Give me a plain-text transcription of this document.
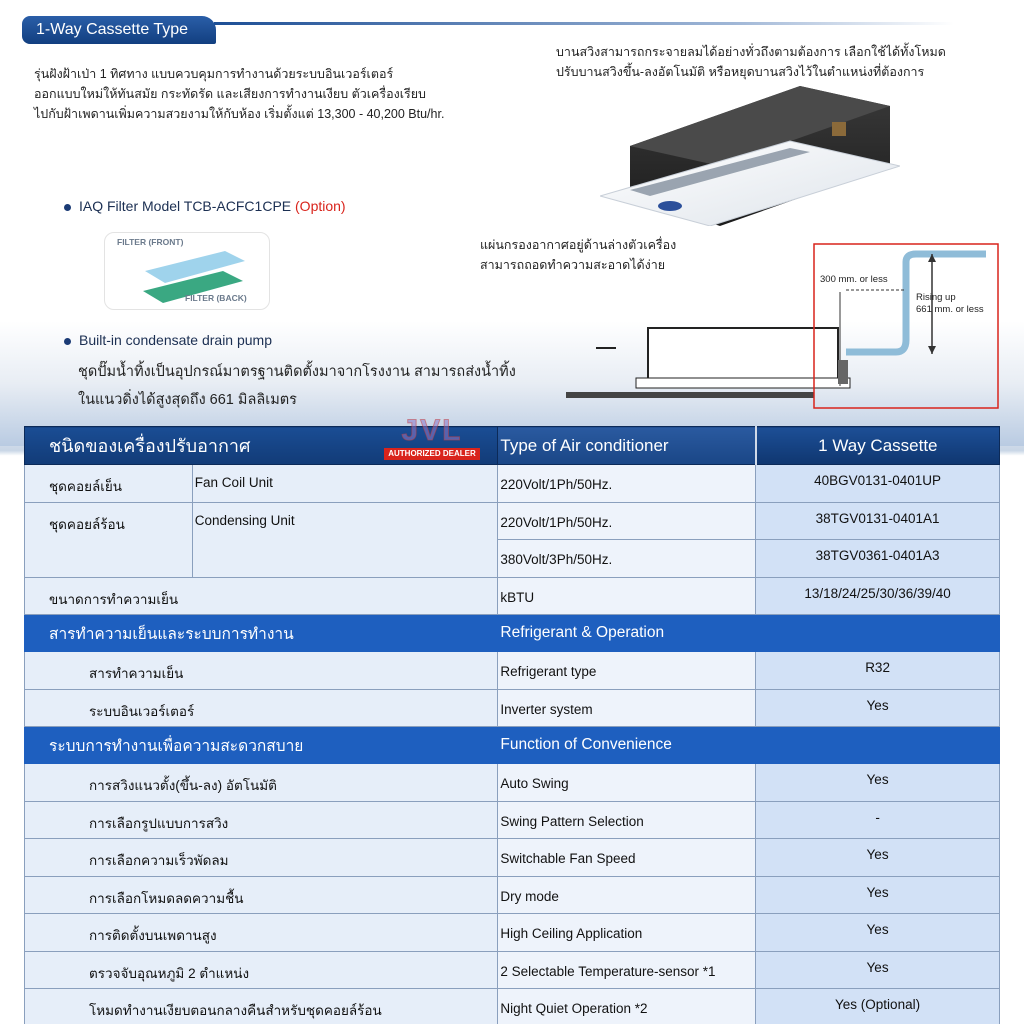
1-Way Cassette Type
รุ่นฝังฝ้าเป่า 1 ทิศทาง แบบควบคุมการทำงานด้วยระบบอินเวอร์เตอร์
ออกแบบใหม่ให้ทันสมัย กระทัดรัด และเสียงการทำงานเงียบ ตัวเครื่องเรียบ
ไปกับฝ้าเพดานเพิ่มความสวยงามให้กับห้อง เริ่มตั้งแต่ 13,300 - 40,200 Btu/hr.
บานสวิงสามารถกระจายลมได้อย่างทั่วถึงตามต้องการ เลือกใช้ได้ทั้งโหมด
ปรับบานสวิงขึ้น-ลงอัตโนมัติ หรือหยุดบานสวิงไว้ในตำแหน่งที่ต้องการ
IAQ Filter Model TCB-ACFC1CPE (Option)
FILTER (FRONT)
FILTER (BACK)
แผ่นกรองอากาศอยู่ด้านล่างตัวเครื่อง
สามารถถอดทำความสะอาดได้ง่าย
Built-in condensate drain pump
ชุดปั๊มน้ำทิ้งเป็นอุปกรณ์มาตรฐานติดตั้งมาจากโรงงาน สามารถส่งน้ำทิ้ง
ในแนวดิ่งได้สูงสุดถึง 661 มิลลิเมตร
300 mm. or less
Rising up
661 mm. or less
ชนิดของเครื่องปรับอากาศ		Type of Air conditioner	1 Way Cassette
ชุดคอยล์เย็น	Fan Coil Unit	220Volt/1Ph/50Hz.	40BGV0131-0401UP
ชุดคอยล์ร้อน	Condensing Unit	220Volt/1Ph/50Hz.	38TGV0131-0401A1
		380Volt/3Ph/50Hz.	38TGV0361-0401A3
ขนาดการทำความเย็น		kBTU	13/18/24/25/30/36/39/40
สารทำความเย็นและระบบการทำงาน		Refrigerant & Operation	
สารทำความเย็น		Refrigerant type	R32
ระบบอินเวอร์เตอร์		Inverter system	Yes
ระบบการทำงานเพื่อความสะดวกสบาย		Function of Convenience	
การสวิงแนวตั้ง(ขึ้น-ลง) อัตโนมัติ		Auto Swing	Yes
การเลือกรูปแบบการสวิง		Swing Pattern Selection	-
การเลือกความเร็วพัดลม		Switchable Fan Speed	Yes
การเลือกโหมดลดความชื้น		Dry mode	Yes
การติดตั้งบนเพดานสูง		High Ceiling Application	Yes
ตรวจจับอุณหภูมิ 2 ตำแหน่ง		2 Selectable Temperature-sensor *1	Yes
โหมดทำงานเงียบตอนกลางคืนสำหรับชุดคอยล์ร้อน		Night Quiet Operation *2	Yes (Optional)
JVL
AUTHORIZED DEALER
